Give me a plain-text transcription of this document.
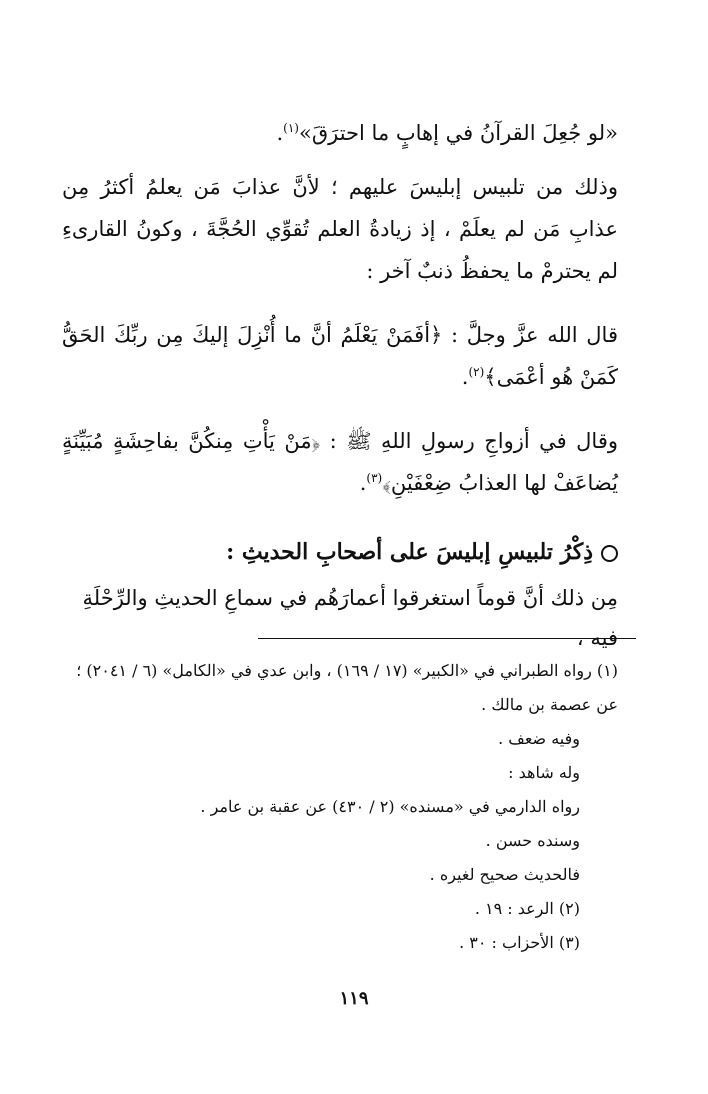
«لو جُعِلَ القرآنُ في إهابٍ ما احترَقَ»$^{(١)}$.

وذلك من تلبيس إبليسَ عليهم ؛ لأنَّ عذابَ مَن يعلمُ أكثرُ مِن عذابِ مَن لم يعلَمْ ، إذ زيادةُ العلم تُقوِّي الحُجَّةَ ، وكونُ القارىءِ لم يحترمْ ما يحفظُ ذنبٌ آخر :

قال الله عزَّ وجلَّ : ﴿أفَمَنْ يَعْلَمُ أنَّ ما أُنْزِلَ إليكَ مِن ربِّكَ الحَقُّ كَمَنْ هُو أعْمَى﴾$^{(٢)}$.

وقال في أزواجِ رسولِ اللهِ ﷺ : ﴿مَنْ يَأْتِ مِنكُنَّ بفاحِشَةٍ مُبَيِّنَةٍ يُضاعَفْ لها العذابُ ضِعْفَيْنِ﴾$^{(٣)}$.

ذِكْرُ تلبيسِ إبليسَ على أصحابِ الحديثِ :
مِن ذلك أنَّ قوماً استغرقوا أعمارَهُم في سماعِ الحديثِ والرِّحْلَةِ فيه ،

(١) رواه الطبراني في «الكبير» (١٧ / ١٦٩) ، وابن عدي في «الكامل» (٦ / ٢٠٤١) ؛ عن عصمة بن مالك .

وفيه ضعف .

وله شاهد :

رواه الدارمي في «مسنده» (٢ / ٤٣٠) عن عقبة بن عامر .

وسنده حسن .

فالحديث صحيح لغيره .

(٢) الرعد : ١٩ .

(٣) الأحزاب : ٣٠ .

١١٩
